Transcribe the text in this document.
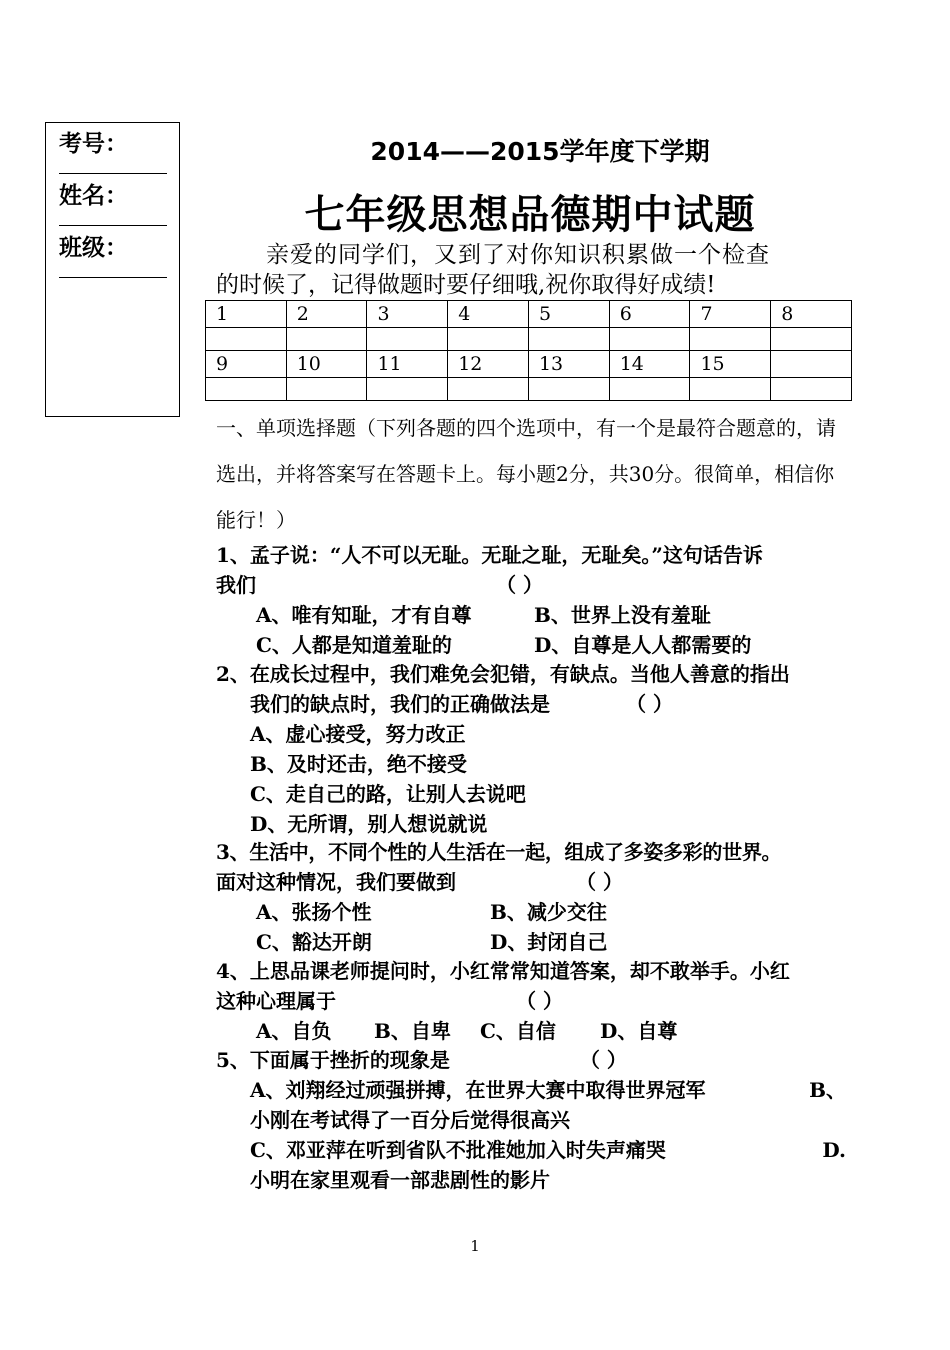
考号：
姓名：
班级：
2014——2015学年度下学期
七年级思想品德期中试题

亲爱的同学们，又到了对你知识积累做一个检查
的时候了，记得做题时要仔细哦,祝你取得好成绩!

1	2	3	4	5	6	7	8

9	10	11	12	13	14	15	

一、单项选择题（下列各题的四个选项中，有一个是最符合题意的，请选出，并将答案写在答题卡上。每小题2分，共30分。很简单，相信你能行！）

1、孟子说：“人不可以无耻。无耻之耻，无耻矣。”这句话告诉
我们	（ ）
A、唯有知耻，才有自尊	B、世界上没有羞耻
C、人都是知道羞耻的	D、自尊是人人都需要的
2、在成长过程中，我们难免会犯错，有缺点。当他人善意的指出
我们的缺点时，我们的正确做法是	（ ）
A、虚心接受，努力改正
B、及时还击，绝不接受
C、走自己的路，让别人去说吧
D、无所谓，别人想说就说
3、生活中，不同个性的人生活在一起，组成了多姿多彩的世界。
面对这种情况，我们要做到	（ ）
A、张扬个性	B、减少交往
C、豁达开朗	D、封闭自己
4、上思品课老师提问时，小红常常知道答案，却不敢举手。小红
这种心理属于	（ ）
A、自负	B、自卑	C、自信	D、自尊
5、下面属于挫折的现象是	（ ）
A、刘翔经过顽强拼搏，在世界大赛中取得世界冠军	B、
小刚在考试得了一百分后觉得很高兴
C、邓亚萍在听到省队不批准她加入时失声痛哭	D.
小明在家里观看一部悲剧性的影片
1
